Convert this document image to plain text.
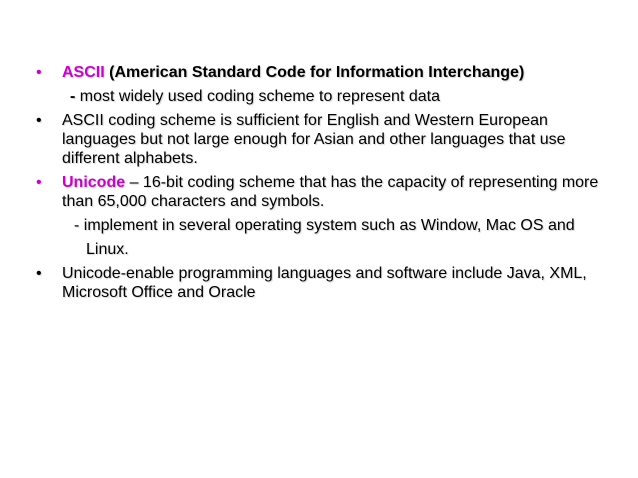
• ASCII (American Standard Code for Information Interchange)
- most widely used coding scheme to represent data
• ASCII coding scheme is sufficient for English and Western European
languages but not large enough for Asian and other languages that use
different alphabets.
• Unicode – 16-bit coding scheme that has the capacity of representing more
than 65,000 characters and symbols.
- implement in several operating system such as Window, Mac OS and
Linux.
• Unicode-enable programming languages and software include Java, XML,
Microsoft Office and Oracle
